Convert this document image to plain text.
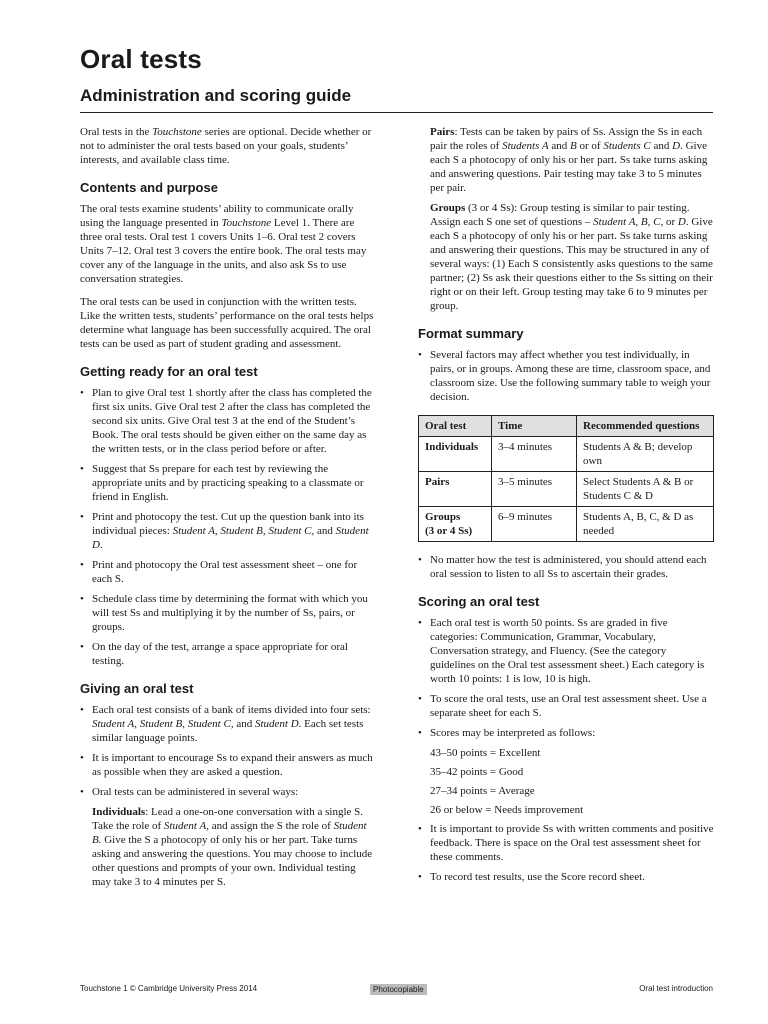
Oral tests
Administration and scoring guide

Oral tests in the Touchstone series are optional. Decide whether or not to administer the oral tests based on your goals, students’ interests, and available class time.

Contents and purpose

The oral tests examine students’ ability to communicate orally using the language presented in Touchstone Level 1. There are three oral tests. Oral test 1 covers Units 1–6. Oral test 2 covers Units 7–12. Oral test 3 covers the entire book. The oral tests may cover any of the language in the units, and also ask Ss to use conversation strategies.

The oral tests can be used in conjunction with the written tests. Like the written tests, students’ performance on the oral tests helps determine what language has been successfully acquired. The oral tests can be used as part of student grading and assessment.

Getting ready for an oral test
• Plan to give Oral test 1 shortly after the class has completed the first six units. Give Oral test 2 after the class has completed the second six units. Give Oral test 3 at the end of the Student’s Book. The oral tests should be given either on the same day as the written tests, or in the class period before or after.
• Suggest that Ss prepare for each test by reviewing the appropriate units and by practicing speaking to a classmate or friend in English.
• Print and photocopy the test. Cut up the question bank into its individual pieces: Student A, Student B, Student C, and Student D.
• Print and photocopy the Oral test assessment sheet – one for each S.
• Schedule class time by determining the format with which you will test Ss and multiplying it by the number of Ss, pairs, or groups.
• On the day of the test, arrange a space appropriate for oral testing.
Giving an oral test
• Each oral test consists of a bank of items divided into four sets: Student A, Student B, Student C, and Student D. Each set tests similar language points.
• It is important to encourage Ss to expand their answers as much as possible when they are asked a question.
• Oral tests can be administered in several ways:

Individuals: Lead a one-on-one conversation with a single S. Take the role of Student A, and assign the S the role of Student B. Give the S a photocopy of only his or her part. Take turns asking and answering the questions. You may choose to include other questions and prompts of your own. Individual testing may take 3 to 4 minutes per S.

Pairs: Tests can be taken by pairs of Ss. Assign the Ss in each pair the roles of Students A and B or of Students C and D. Give each S a photocopy of only his or her part. Ss take turns asking and answering questions. Pair testing may take 3 to 5 minutes per pair.

Groups (3 or 4 Ss): Group testing is similar to pair testing. Assign each S one set of questions – Student A, B, C, or D. Give each S a photocopy of only his or her part. Ss take turns asking and answering their questions. This may be structured in any of several ways: (1) Each S consistently asks questions to the same partner; (2) Ss ask their questions either to the Ss sitting on their right or on their left. Group testing may take 6 to 9 minutes per group.

Format summary
• Several factors may affect whether you test individually, in pairs, or in groups. Among these are time, classroom space, and classroom size. Use the following summary table to weigh your decision.
Oral test	Time	Recommended questions
Individuals	3–4 minutes	Students A & B; develop own
Pairs	3–5 minutes	Select Students A & B or Students C & D
Groups
(3 or 4 Ss)	6–9 minutes	Students A, B, C, & D as needed
• No matter how the test is administered, you should attend each oral session to listen to all Ss to ascertain their grades.
Scoring an oral test
• Each oral test is worth 50 points. Ss are graded in five categories: Communication, Grammar, Vocabulary, Conversation strategy, and Fluency. (See the category guidelines on the Oral test assessment sheet.) Each category is worth 10 points: 1 is low, 10 is high.
• To score the oral tests, use an Oral test assessment sheet. Use a separate sheet for each S.
• Scores may be interpreted as follows:
43–50 points = Excellent
35–42 points = Good
27–34 points = Average
26 or below = Needs improvement
• It is important to provide Ss with written comments and positive feedback. There is space on the Oral test assessment sheet for these comments.
• To record test results, use the Score record sheet.
Touchstone 1 © Cambridge University Press 2014	Photocopiable	Oral test introduction
